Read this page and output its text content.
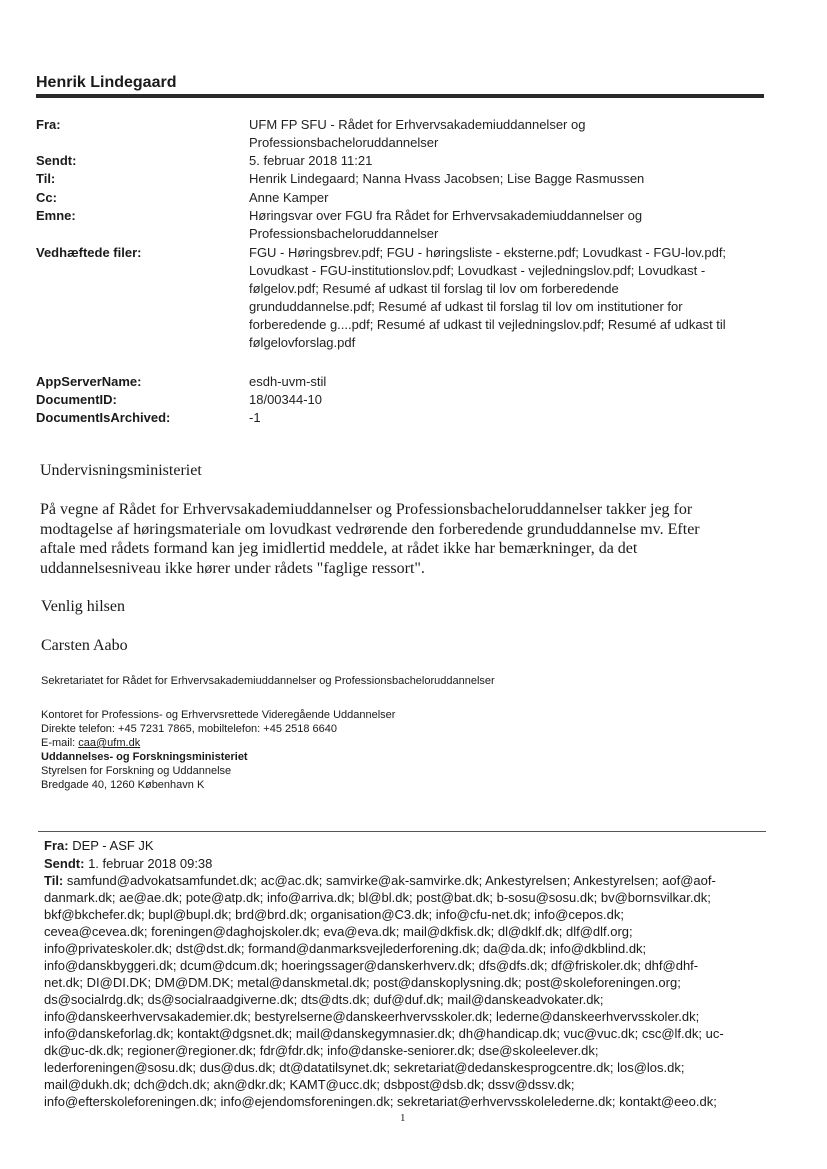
Henrik Lindegaard
Fra:	UFM FP SFU - Rådet for Erhvervsakademiuddannelser og
Professionsbacheloruddannelser
Sendt:	5. februar 2018 11:21
Til:	Henrik Lindegaard; Nanna Hvass Jacobsen; Lise Bagge Rasmussen
Cc:	Anne Kamper
Emne:	Høringsvar over FGU fra Rådet for Erhvervsakademiuddannelser og
Professionsbacheloruddannelser
Vedhæftede filer:	FGU - Høringsbrev.pdf; FGU - høringsliste - eksterne.pdf; Lovudkast - FGU-lov.pdf;
Lovudkast - FGU-institutionslov.pdf; Lovudkast - vejledningslov.pdf; Lovudkast -
følgelov.pdf; Resumé af udkast til forslag til lov om forberedende
grunduddannelse.pdf; Resumé af udkast til forslag til lov om institutioner for
forberedende g....pdf; Resumé af udkast til vejledningslov.pdf; Resumé af udkast til
følgelovforslag.pdf
AppServerName:	esdh-uvm-stil
DocumentID:	18/00344-10
DocumentIsArchived:	-1
Undervisningsministeriet
På vegne af Rådet for Erhvervsakademiuddannelser og Professionsbacheloruddannelser takker jeg for
modtagelse af høringsmateriale om lovudkast vedrørende den forberedende grunduddannelse mv. Efter
aftale med rådets formand kan jeg imidlertid meddele, at rådet ikke har bemærkninger, da det
uddannelsesniveau ikke hører under rådets "faglige ressort".
Venlig hilsen
Carsten Aabo
Sekretariatet for Rådet for Erhvervsakademiuddannelser og Professionsbacheloruddannelser
Kontoret for Professions- og Erhvervsrettede Videregående Uddannelser
Direkte telefon: +45 7231 7865, mobiltelefon: +45 2518 6640
E-mail: caa@ufm.dk
Uddannelses- og Forskningsministeriet
Styrelsen for Forskning og Uddannelse
Bredgade 40, 1260 København K
Fra: DEP - ASF JK
Sendt: 1. februar 2018 09:38
Til: samfund@advokatsamfundet.dk; ac@ac.dk; samvirke@ak-samvirke.dk; Ankestyrelsen; Ankestyrelsen; aof@aof-
danmark.dk; ae@ae.dk; pote@atp.dk; info@arriva.dk; bl@bl.dk; post@bat.dk; b-sosu@sosu.dk; bv@bornsvilkar.dk;
bkf@bkchefer.dk; bupl@bupl.dk; brd@brd.dk; organisation@C3.dk; info@cfu-net.dk; info@cepos.dk;
cevea@cevea.dk; foreningen@daghojskoler.dk; eva@eva.dk; mail@dkfisk.dk; dl@dklf.dk; dlf@dlf.org;
info@privateskoler.dk; dst@dst.dk; formand@danmarksvejlederforening.dk; da@da.dk; info@dkblind.dk;
info@danskbyggeri.dk; dcum@dcum.dk; hoeringssager@danskerhverv.dk; dfs@dfs.dk; df@friskoler.dk; dhf@dhf-
net.dk; DI@DI.DK; DM@DM.DK; metal@danskmetal.dk; post@danskoplysning.dk; post@skoleforeningen.org;
ds@socialrdg.dk; ds@socialraadgiverne.dk; dts@dts.dk; duf@duf.dk; mail@danskeadvokater.dk;
info@danskeerhvervsakademier.dk; bestyrelserne@danskeerhvervsskoler.dk; lederne@danskeerhvervsskoler.dk;
info@danskeforlag.dk; kontakt@dgsnet.dk; mail@danskegymnasier.dk; dh@handicap.dk; vuc@vuc.dk; csc@lf.dk; uc-
dk@uc-dk.dk; regioner@regioner.dk; fdr@fdr.dk; info@danske-seniorer.dk; dse@skoleelever.dk;
lederforeningen@sosu.dk; dus@dus.dk; dt@datatilsynet.dk; sekretariat@dedanskesprogcentre.dk; los@los.dk;
mail@dukh.dk; dch@dch.dk; akn@dkr.dk; KAMT@ucc.dk; dsbpost@dsb.dk; dssv@dssv.dk;
info@efterskoleforeningen.dk; info@ejendomsforeningen.dk; sekretariat@erhvervsskolelederne.dk; kontakt@eeo.dk;
1
